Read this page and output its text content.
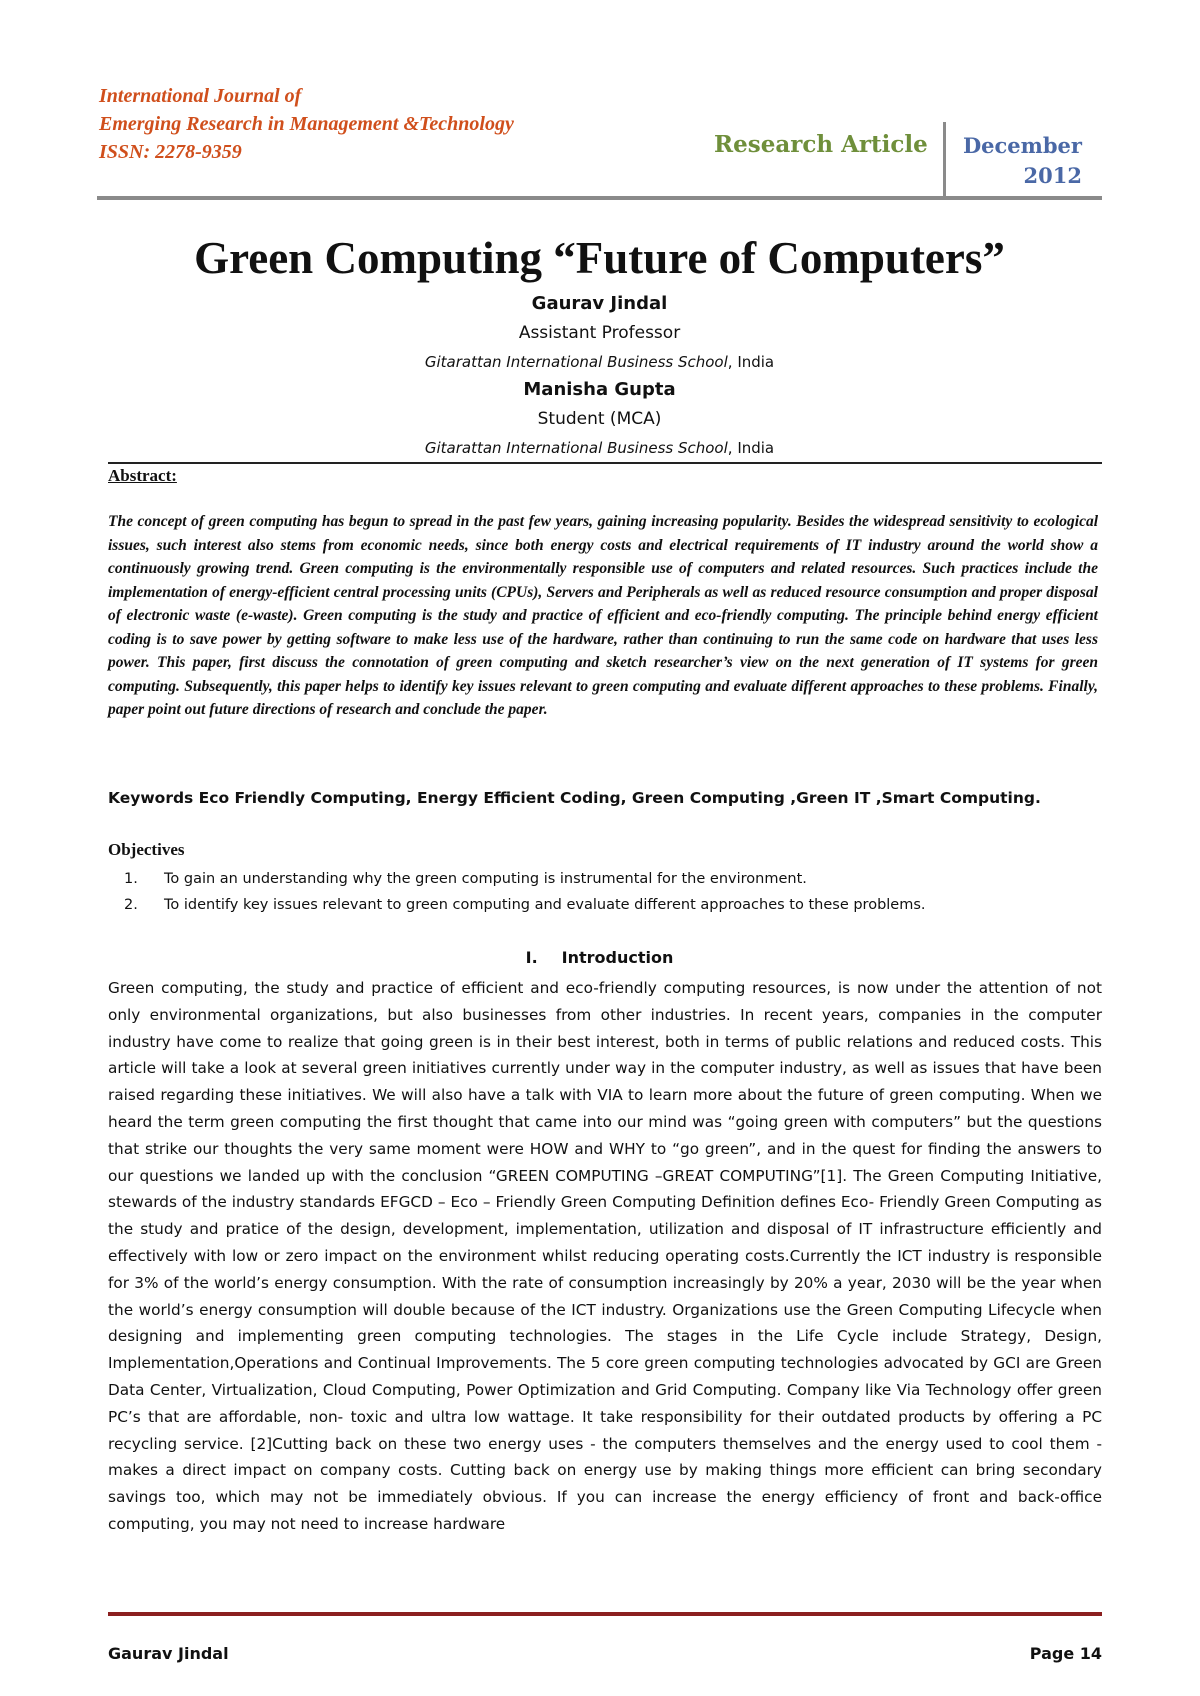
International Journal of
Emerging Research in Management &Technology
ISSN: 2278-9359	Research Article December
2012
Green Computing “Future of Computers”
Gaurav Jindal
Assistant Professor
Gitarattan International Business School, India
Manisha Gupta
Student (MCA)
Gitarattan International Business School, India
Abstract:

The concept of green computing has begun to spread in the past few years, gaining increasing popularity. Besides the widespread sensitivity to ecological issues, such interest also stems from economic needs, since both energy costs and electrical requirements of IT industry around the world show a continuously growing trend. Green computing is the environmentally responsible use of computers and related resources. Such practices include the implementation of energy-efficient central processing units (CPUs), Servers and Peripherals as well as reduced resource consumption and proper disposal of electronic waste (e-waste). Green computing is the study and practice of efficient and eco-friendly computing. The principle behind energy efficient coding is to save power by getting software to make less use of the hardware, rather than continuing to run the same code on hardware that uses less power. This paper, first discuss the connotation of green computing and sketch researcher’s view on the next generation of IT systems for green computing. Subsequently, this paper helps to identify key issues relevant to green computing and evaluate different approaches to these problems. Finally, paper point out future directions of research and conclude the paper.

Keywords Eco Friendly Computing, Energy Efficient Coding, Green Computing ,Green IT ,Smart Computing.
Objectives
1. To gain an understanding why the green computing is instrumental for the environment.
2. To identify key issues relevant to green computing and evaluate different approaches to these problems.
I. Introduction

Green computing, the study and practice of efficient and eco-friendly computing resources, is now under the attention of not only environmental organizations, but also businesses from other industries. In recent years, companies in the computer industry have come to realize that going green is in their best interest, both in terms of public relations and reduced costs. This article will take a look at several green initiatives currently under way in the computer industry, as well as issues that have been raised regarding these initiatives. We will also have a talk with VIA to learn more about the future of green computing. When we heard the term green computing the first thought that came into our mind was “going green with computers” but the questions that strike our thoughts the very same moment were HOW and WHY to “go green”, and in the quest for finding the answers to our questions we landed up with the conclusion “GREEN COMPUTING –GREAT COMPUTING”[1]. The Green Computing Initiative, stewards of the industry standards EFGCD – Eco – Friendly Green Computing Definition defines Eco- Friendly Green Computing as the study and pratice of the design, development, implementation, utilization and disposal of IT infrastructure efficiently and effectively with low or zero impact on the environment whilst reducing operating costs.Currently the ICT industry is responsible for 3% of the world’s energy consumption. With the rate of consumption increasingly by 20% a year, 2030 will be the year when the world’s energy consumption will double because of the ICT industry. Organizations use the Green Computing Lifecycle when designing and implementing green computing technologies. The stages in the Life Cycle include Strategy, Design, Implementation,Operations and Continual Improvements. The 5 core green computing technologies advocated by GCI are Green Data Center, Virtualization, Cloud Computing, Power Optimization and Grid Computing. Company like Via Technology offer green PC’s that are affordable, non- toxic and ultra low wattage. It take responsibility for their outdated products by offering a PC recycling service. [2]Cutting back on these two energy uses - the computers themselves and the energy used to cool them - makes a direct impact on company costs. Cutting back on energy use by making things more efficient can bring secondary savings too, which may not be immediately obvious. If you can increase the energy efficiency of front and back-office computing, you may not need to increase hardware

Gaurav Jindal	Page 14
